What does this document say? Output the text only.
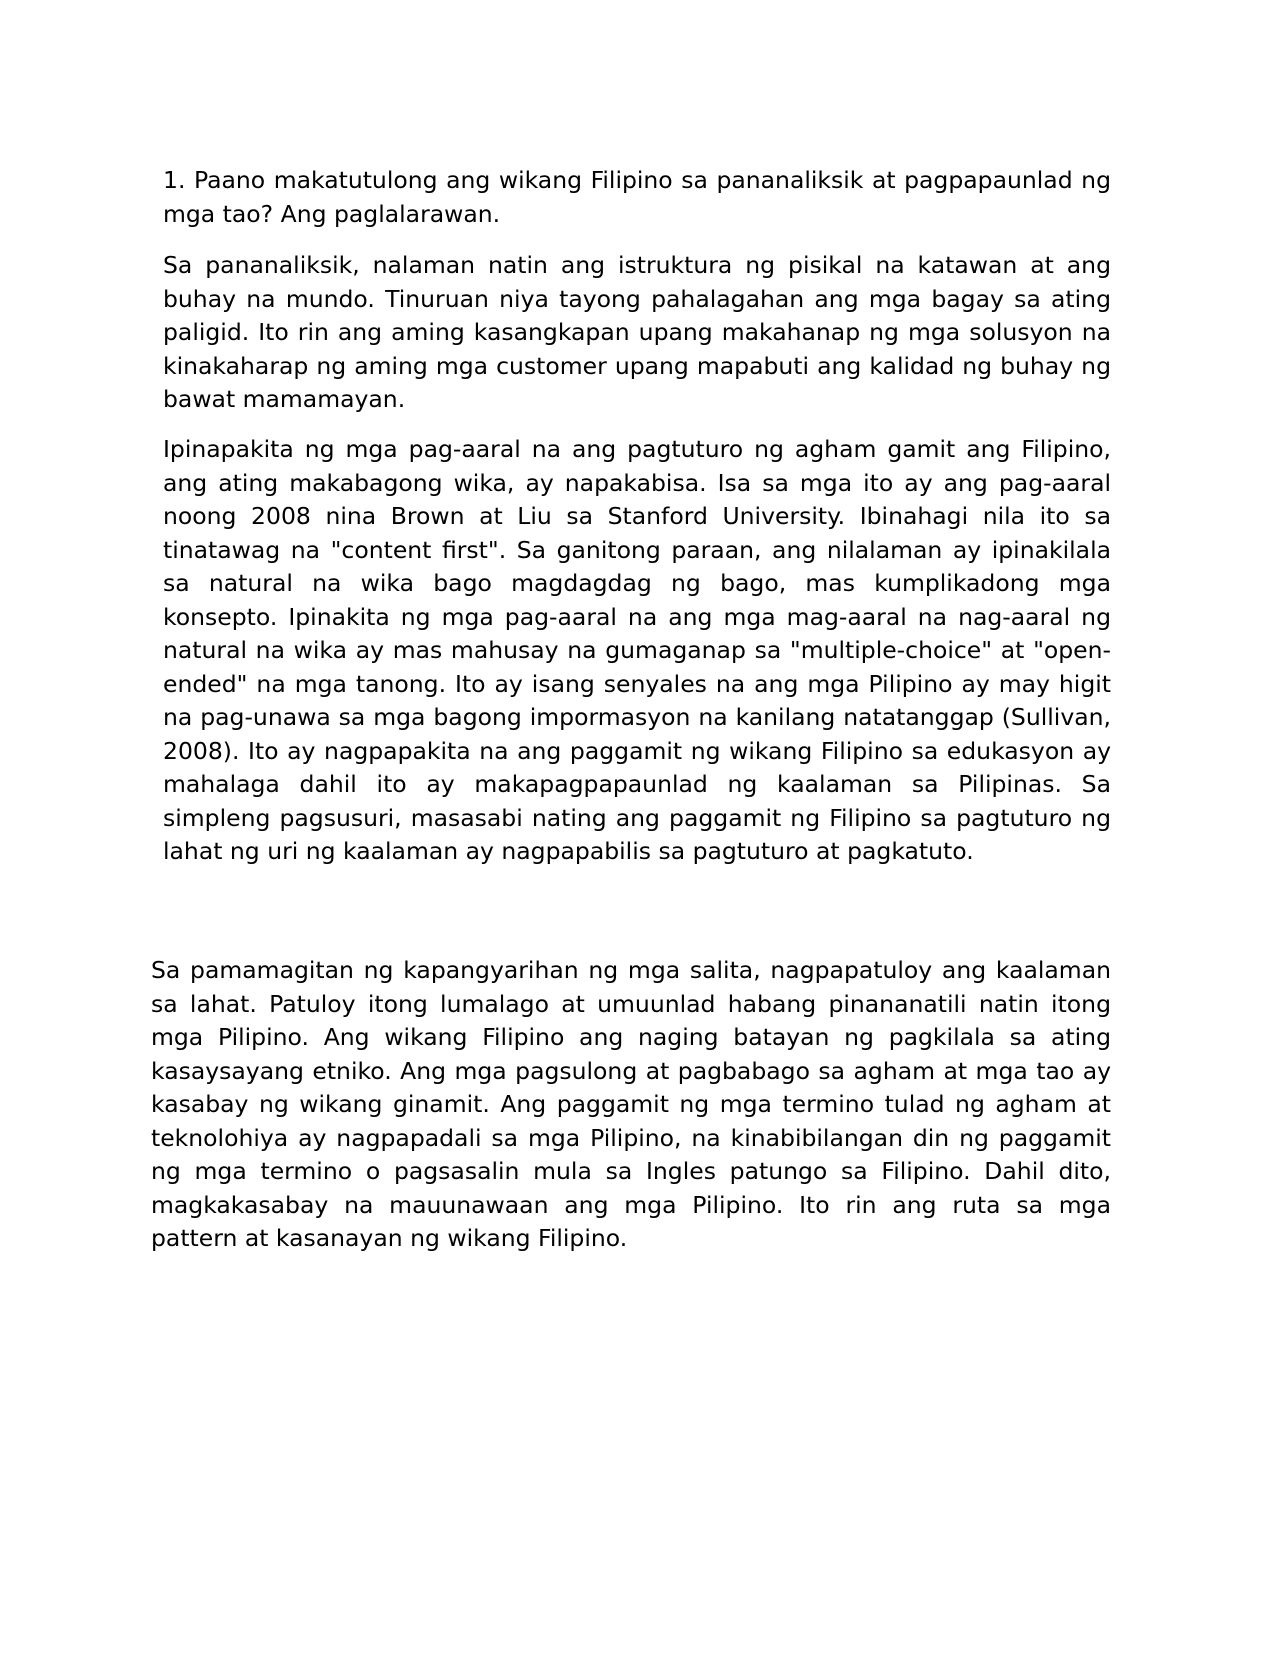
1. Paano makatutulong ang wikang Filipino sa pananaliksik at pagpapaunlad ng mga tao? Ang paglalarawan.

Sa pananaliksik, nalaman natin ang istruktura ng pisikal na katawan at ang buhay na mundo. Tinuruan niya tayong pahalagahan ang mga bagay sa ating paligid. Ito rin ang aming kasangkapan upang makahanap ng mga solusyon na kinakaharap ng aming mga customer upang mapabuti ang kalidad ng buhay ng bawat mamamayan.

Ipinapakita ng mga pag-aaral na ang pagtuturo ng agham gamit ang Filipino, ang ating makabagong wika, ay napakabisa. Isa sa mga ito ay ang pag-aaral noong 2008 nina Brown at Liu sa Stanford University. Ibinahagi nila ito sa tinatawag na "content first". Sa ganitong paraan, ang nilalaman ay ipinakilala sa natural na wika bago magdagdag ng bago, mas kumplikadong mga konsepto. Ipinakita ng mga pag-aaral na ang mga mag-aaral na nag-aaral ng natural na wika ay mas mahusay na gumaganap sa "multiple-choice" at "open-ended" na mga tanong. Ito ay isang senyales na ang mga Pilipino ay may higit na pag-unawa sa mga bagong impormasyon na kanilang natatanggap (Sullivan, 2008). Ito ay nagpapakita na ang paggamit ng wikang Filipino sa edukasyon ay mahalaga dahil ito ay makapagpapaunlad ng kaalaman sa Pilipinas. Sa simpleng pagsusuri, masasabi nating ang paggamit ng Filipino sa pagtuturo ng lahat ng uri ng kaalaman ay nagpapabilis sa pagtuturo at pagkatuto.

Sa pamamagitan ng kapangyarihan ng mga salita, nagpapatuloy ang kaalaman sa lahat. Patuloy itong lumalago at umuunlad habang pinananatili natin itong mga Pilipino. Ang wikang Filipino ang naging batayan ng pagkilala sa ating kasaysayang etniko. Ang mga pagsulong at pagbabago sa agham at mga tao ay kasabay ng wikang ginamit. Ang paggamit ng mga termino tulad ng agham at teknolohiya ay nagpapadali sa mga Pilipino, na kinabibilangan din ng paggamit ng mga termino o pagsasalin mula sa Ingles patungo sa Filipino. Dahil dito, magkakasabay na mauunawaan ang mga Pilipino. Ito rin ang ruta sa mga pattern at kasanayan ng wikang Filipino.
